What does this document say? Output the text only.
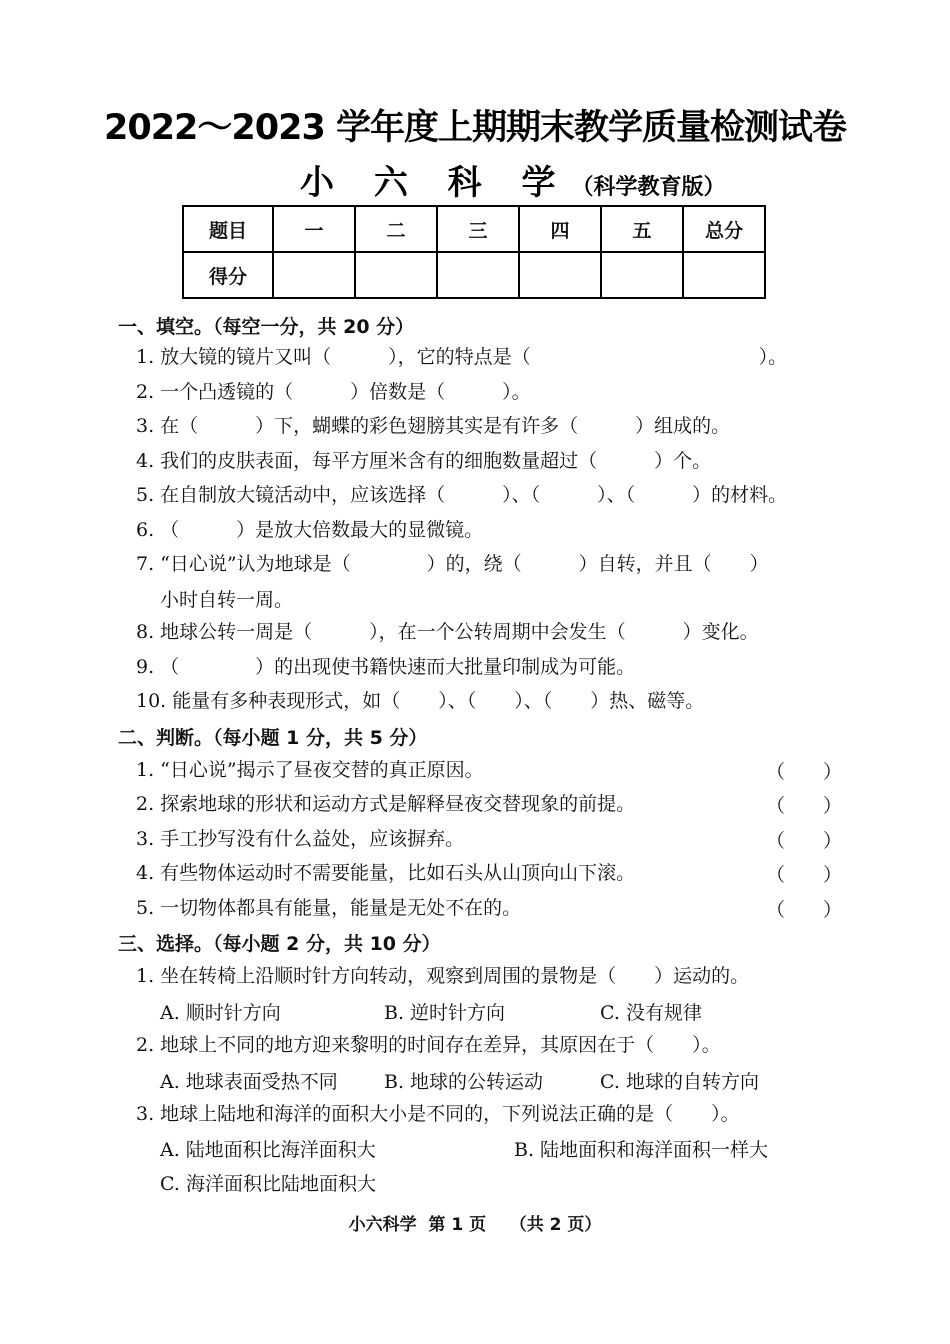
2022～2023 学年度上期期末教学质量检测试卷
小 六 科 学（科学教育版）
题目	一	二	三	四	五	总分
得分						
一、填空。（每空一分，共 20 分）
1. 放大镜的镜片又叫（　　　），它的特点是（　　　　　　　　　　　　）。
2. 一个凸透镜的（　　　）倍数是（　　　）。
3. 在（　　　）下，蝴蝶的彩色翅膀其实是有许多（　　　）组成的。
4. 我们的皮肤表面，每平方厘米含有的细胞数量超过（　　　）个。
5. 在自制放大镜活动中，应该选择（　　　）、（　　　）、（　　　）的材料。
6. （　　　）是放大倍数最大的显微镜。
7. “日心说”认为地球是（　　　　）的，绕（　　　）自转，并且（　　）
小时自转一周。
8. 地球公转一周是（　　　），在一个公转周期中会发生（　　　）变化。
9. （　　　　）的出现使书籍快速而大批量印制成为可能。
10. 能量有多种表现形式，如（　　）、（　　）、（　　）热、磁等。
二、判断。（每小题 1 分，共 5 分）
1. “日心说”揭示了昼夜交替的真正原因。	（　　）
2. 探索地球的形状和运动方式是解释昼夜交替现象的前提。	（　　）
3. 手工抄写没有什么益处，应该摒弃。	（　　）
4. 有些物体运动时不需要能量，比如石头从山顶向山下滚。	（　　）
5. 一切物体都具有能量，能量是无处不在的。	（　　）
三、选择。（每小题 2 分，共 10 分）
1. 坐在转椅上沿顺时针方向转动，观察到周围的景物是（　　）运动的。
A. 顺时针方向	B. 逆时针方向	C. 没有规律
2. 地球上不同的地方迎来黎明的时间存在差异，其原因在于（　　）。
A. 地球表面受热不同 B. 地球的公转运动	C. 地球的自转方向
3. 地球上陆地和海洋的面积大小是不同的，下列说法正确的是（　　）。
A. 陆地面积比海洋面积大	B. 陆地面积和海洋面积一样大
C. 海洋面积比陆地面积大
小六科学  第 1 页    （共 2 页）
